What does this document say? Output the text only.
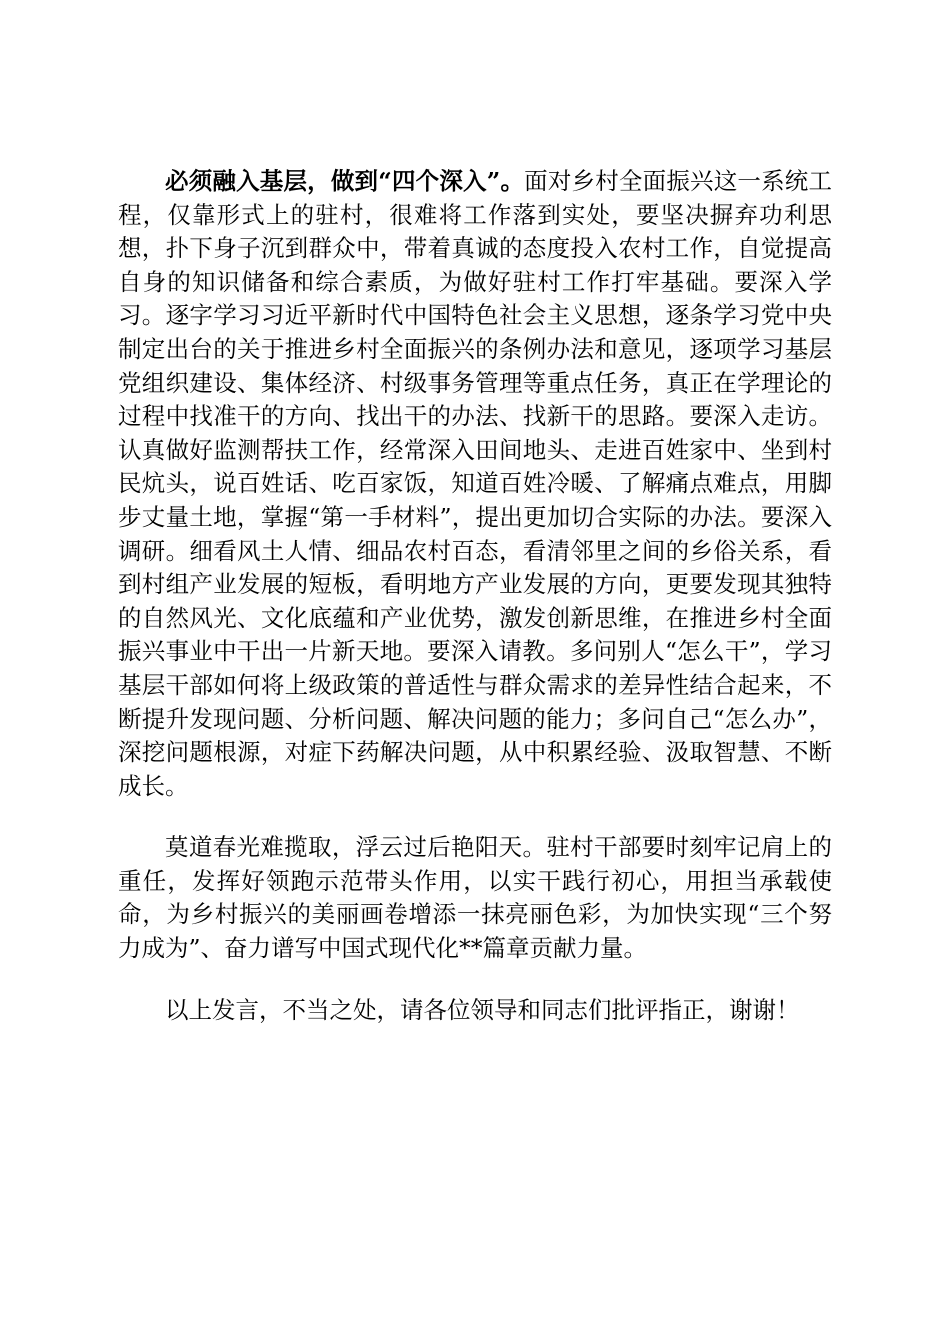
必须融入基层，做到“四个深入”。面对乡村全面振兴这一系统工程，仅靠形式上的驻村，很难将工作落到实处，要坚决摒弃功利思想，扑下身子沉到群众中，带着真诚的态度投入农村工作，自觉提高自身的知识储备和综合素质，为做好驻村工作打牢基础。要深入学习。逐字学习习近平新时代中国特色社会主义思想，逐条学习党中央制定出台的关于推进乡村全面振兴的条例办法和意见，逐项学习基层党组织建设、集体经济、村级事务管理等重点任务，真正在学理论的过程中找准干的方向、找出干的办法、找新干的思路。要深入走访。认真做好监测帮扶工作，经常深入田间地头、走进百姓家中、坐到村民炕头，说百姓话、吃百家饭，知道百姓冷暖、了解痛点难点，用脚步丈量土地，掌握“第一手材料”，提出更加切合实际的办法。要深入调研。细看风土人情、细品农村百态，看清邻里之间的乡俗关系，看到村组产业发展的短板，看明地方产业发展的方向，更要发现其独特的自然风光、文化底蕴和产业优势，激发创新思维，在推进乡村全面振兴事业中干出一片新天地。要深入请教。多问别人“怎么干”，学习基层干部如何将上级政策的普适性与群众需求的差异性结合起来，不断提升发现问题、分析问题、解决问题的能力；多问自己“怎么办”，深挖问题根源，对症下药解决问题，从中积累经验、汲取智慧、不断成长。

莫道春光难揽取，浮云过后艳阳天。驻村干部要时刻牢记肩上的重任，发挥好领跑示范带头作用，以实干践行初心，用担当承载使命，为乡村振兴的美丽画卷增添一抹亮丽色彩，为加快实现“三个努力成为”、奋力谱写中国式现代化**篇章贡献力量。

以上发言，不当之处，请各位领导和同志们批评指正，谢谢！
